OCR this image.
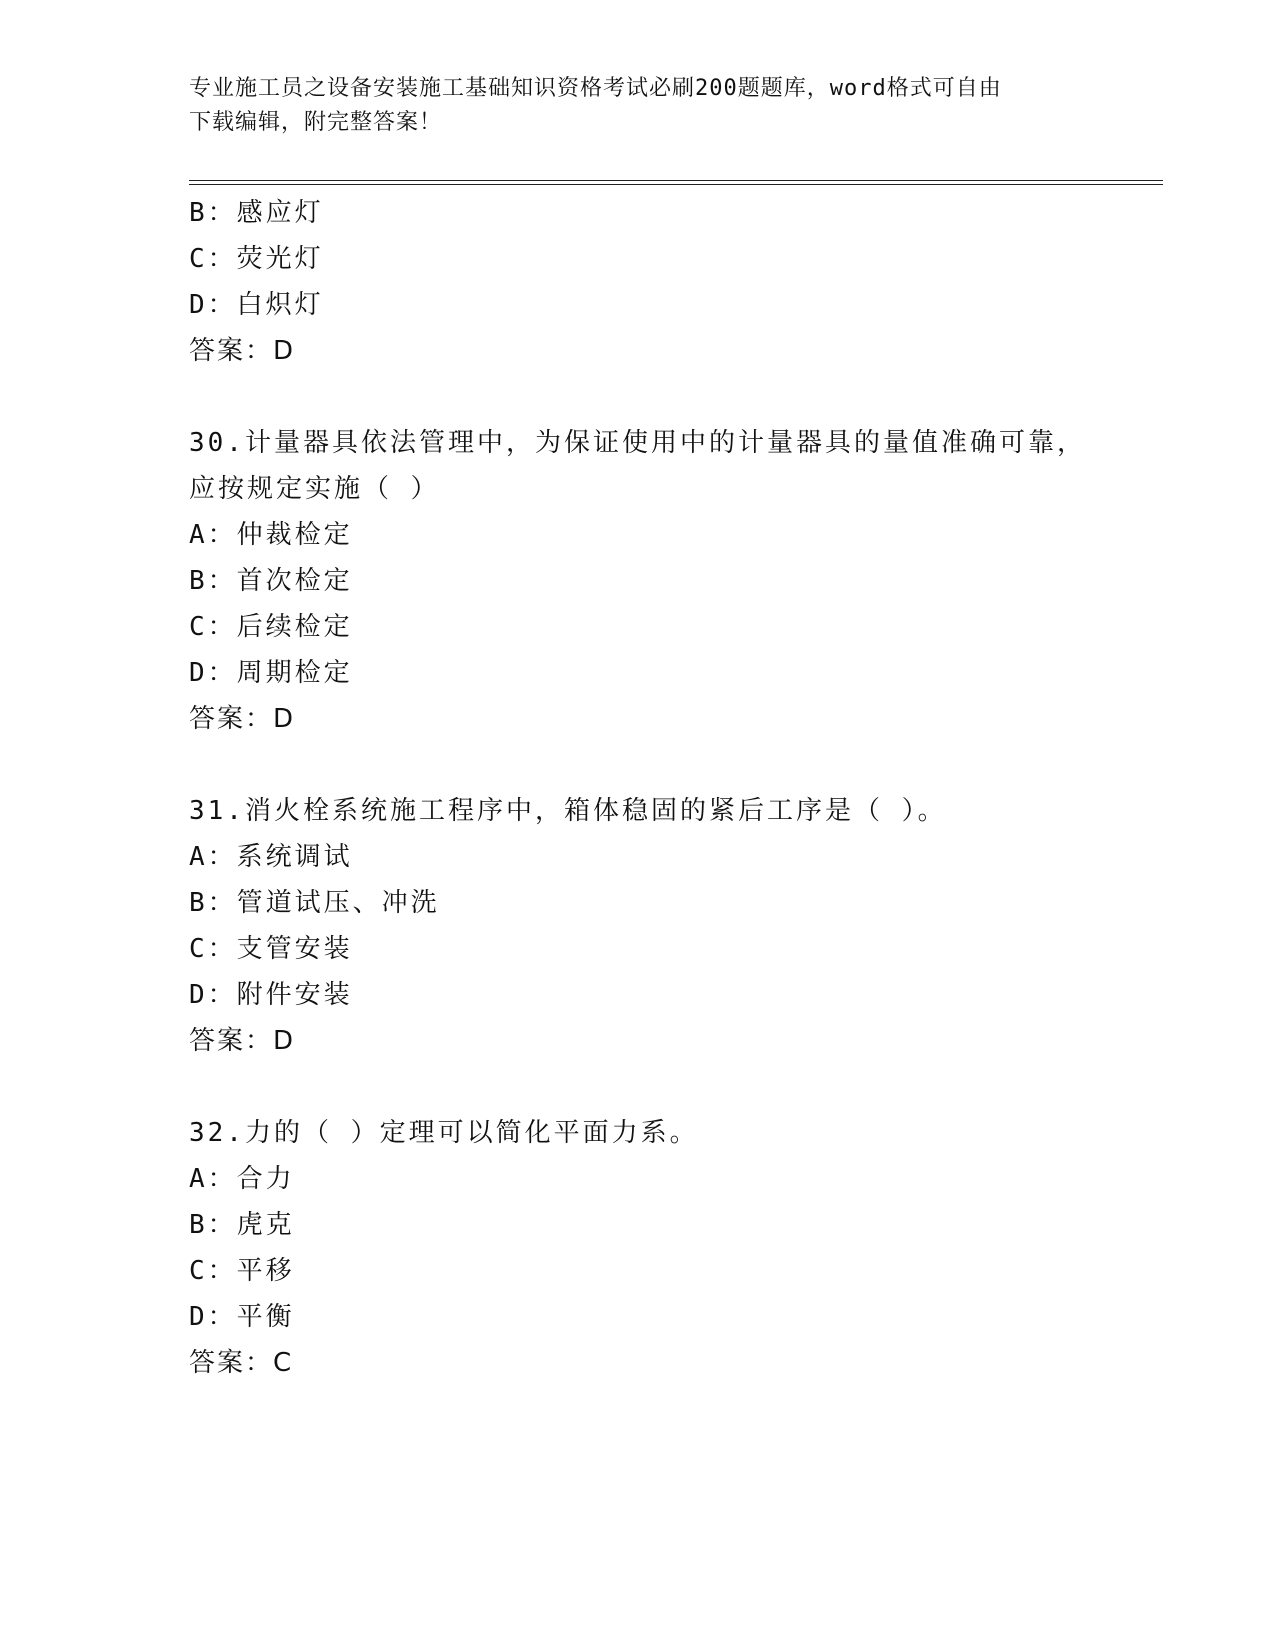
专业施工员之设备安装施工基础知识资格考试必刷200题题库，word格式可自由
下载编辑，附完整答案！
B：感应灯
C：荧光灯
D：白炽灯
答案：D
30.计量器具依法管理中，为保证使用中的计量器具的量值准确可靠，
应按规定实施（ ）
A：仲裁检定
B：首次检定
C：后续检定
D：周期检定
答案：D
31.消火栓系统施工程序中，箱体稳固的紧后工序是（ ）。
A：系统调试
B：管道试压、冲洗
C：支管安装
D：附件安装
答案：D
32.力的（ ）定理可以简化平面力系。
A：合力
B：虎克
C：平移
D：平衡
答案：C
